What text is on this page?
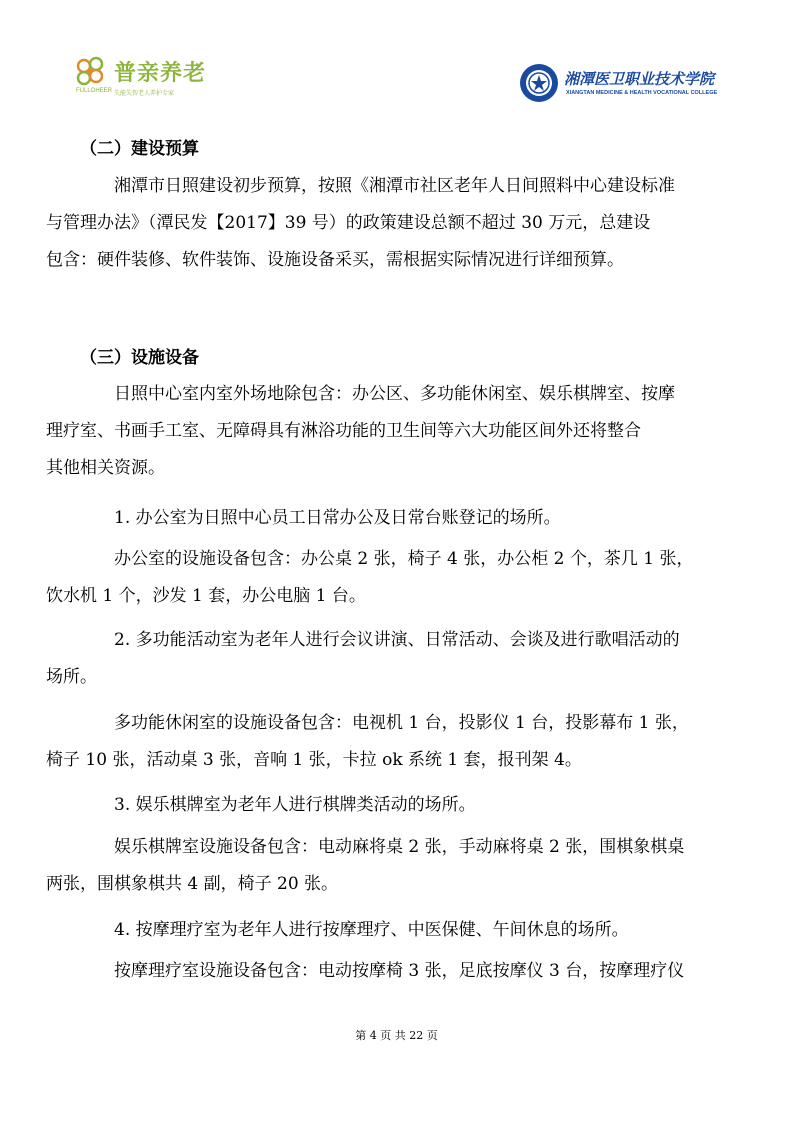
普亲养老
FULLOHEER 失能失智老人养护专家
湘潭医卫职业技术学院
XIANGTAN MEDICINE & HEALTH VOCATIONAL COLLEGE
（二）建设预算
湘潭市日照建设初步预算，按照《湘潭市社区老年人日间照料中心建设标准
与管理办法》（潭民发【2017】39 号）的政策建设总额不超过 30 万元，总建设
包含：硬件装修、软件装饰、设施设备采买，需根据实际情况进行详细预算。
（三）设施设备
日照中心室内室外场地除包含：办公区、多功能休闲室、娱乐棋牌室、按摩
理疗室、书画手工室、无障碍具有淋浴功能的卫生间等六大功能区间外还将整合
其他相关资源。
1. 办公室为日照中心员工日常办公及日常台账登记的场所。
办公室的设施设备包含：办公桌 2 张，椅子 4 张，办公柜 2 个，茶几 1 张，
饮水机 1 个，沙发 1 套，办公电脑 1 台。
2. 多功能活动室为老年人进行会议讲演、日常活动、会谈及进行歌唱活动的
场所。
多功能休闲室的设施设备包含：电视机 1 台，投影仪 1 台，投影幕布 1 张，
椅子 10 张，活动桌 3 张，音响 1 张，卡拉 ok 系统 1 套，报刊架 4。
3. 娱乐棋牌室为老年人进行棋牌类活动的场所。
娱乐棋牌室设施设备包含：电动麻将桌 2 张，手动麻将桌 2 张，围棋象棋桌
两张，围棋象棋共 4 副，椅子 20 张。
4. 按摩理疗室为老年人进行按摩理疗、中医保健、午间休息的场所。
按摩理疗室设施设备包含：电动按摩椅 3 张，足底按摩仪 3 台，按摩理疗仪
第 4 页 共 22 页
